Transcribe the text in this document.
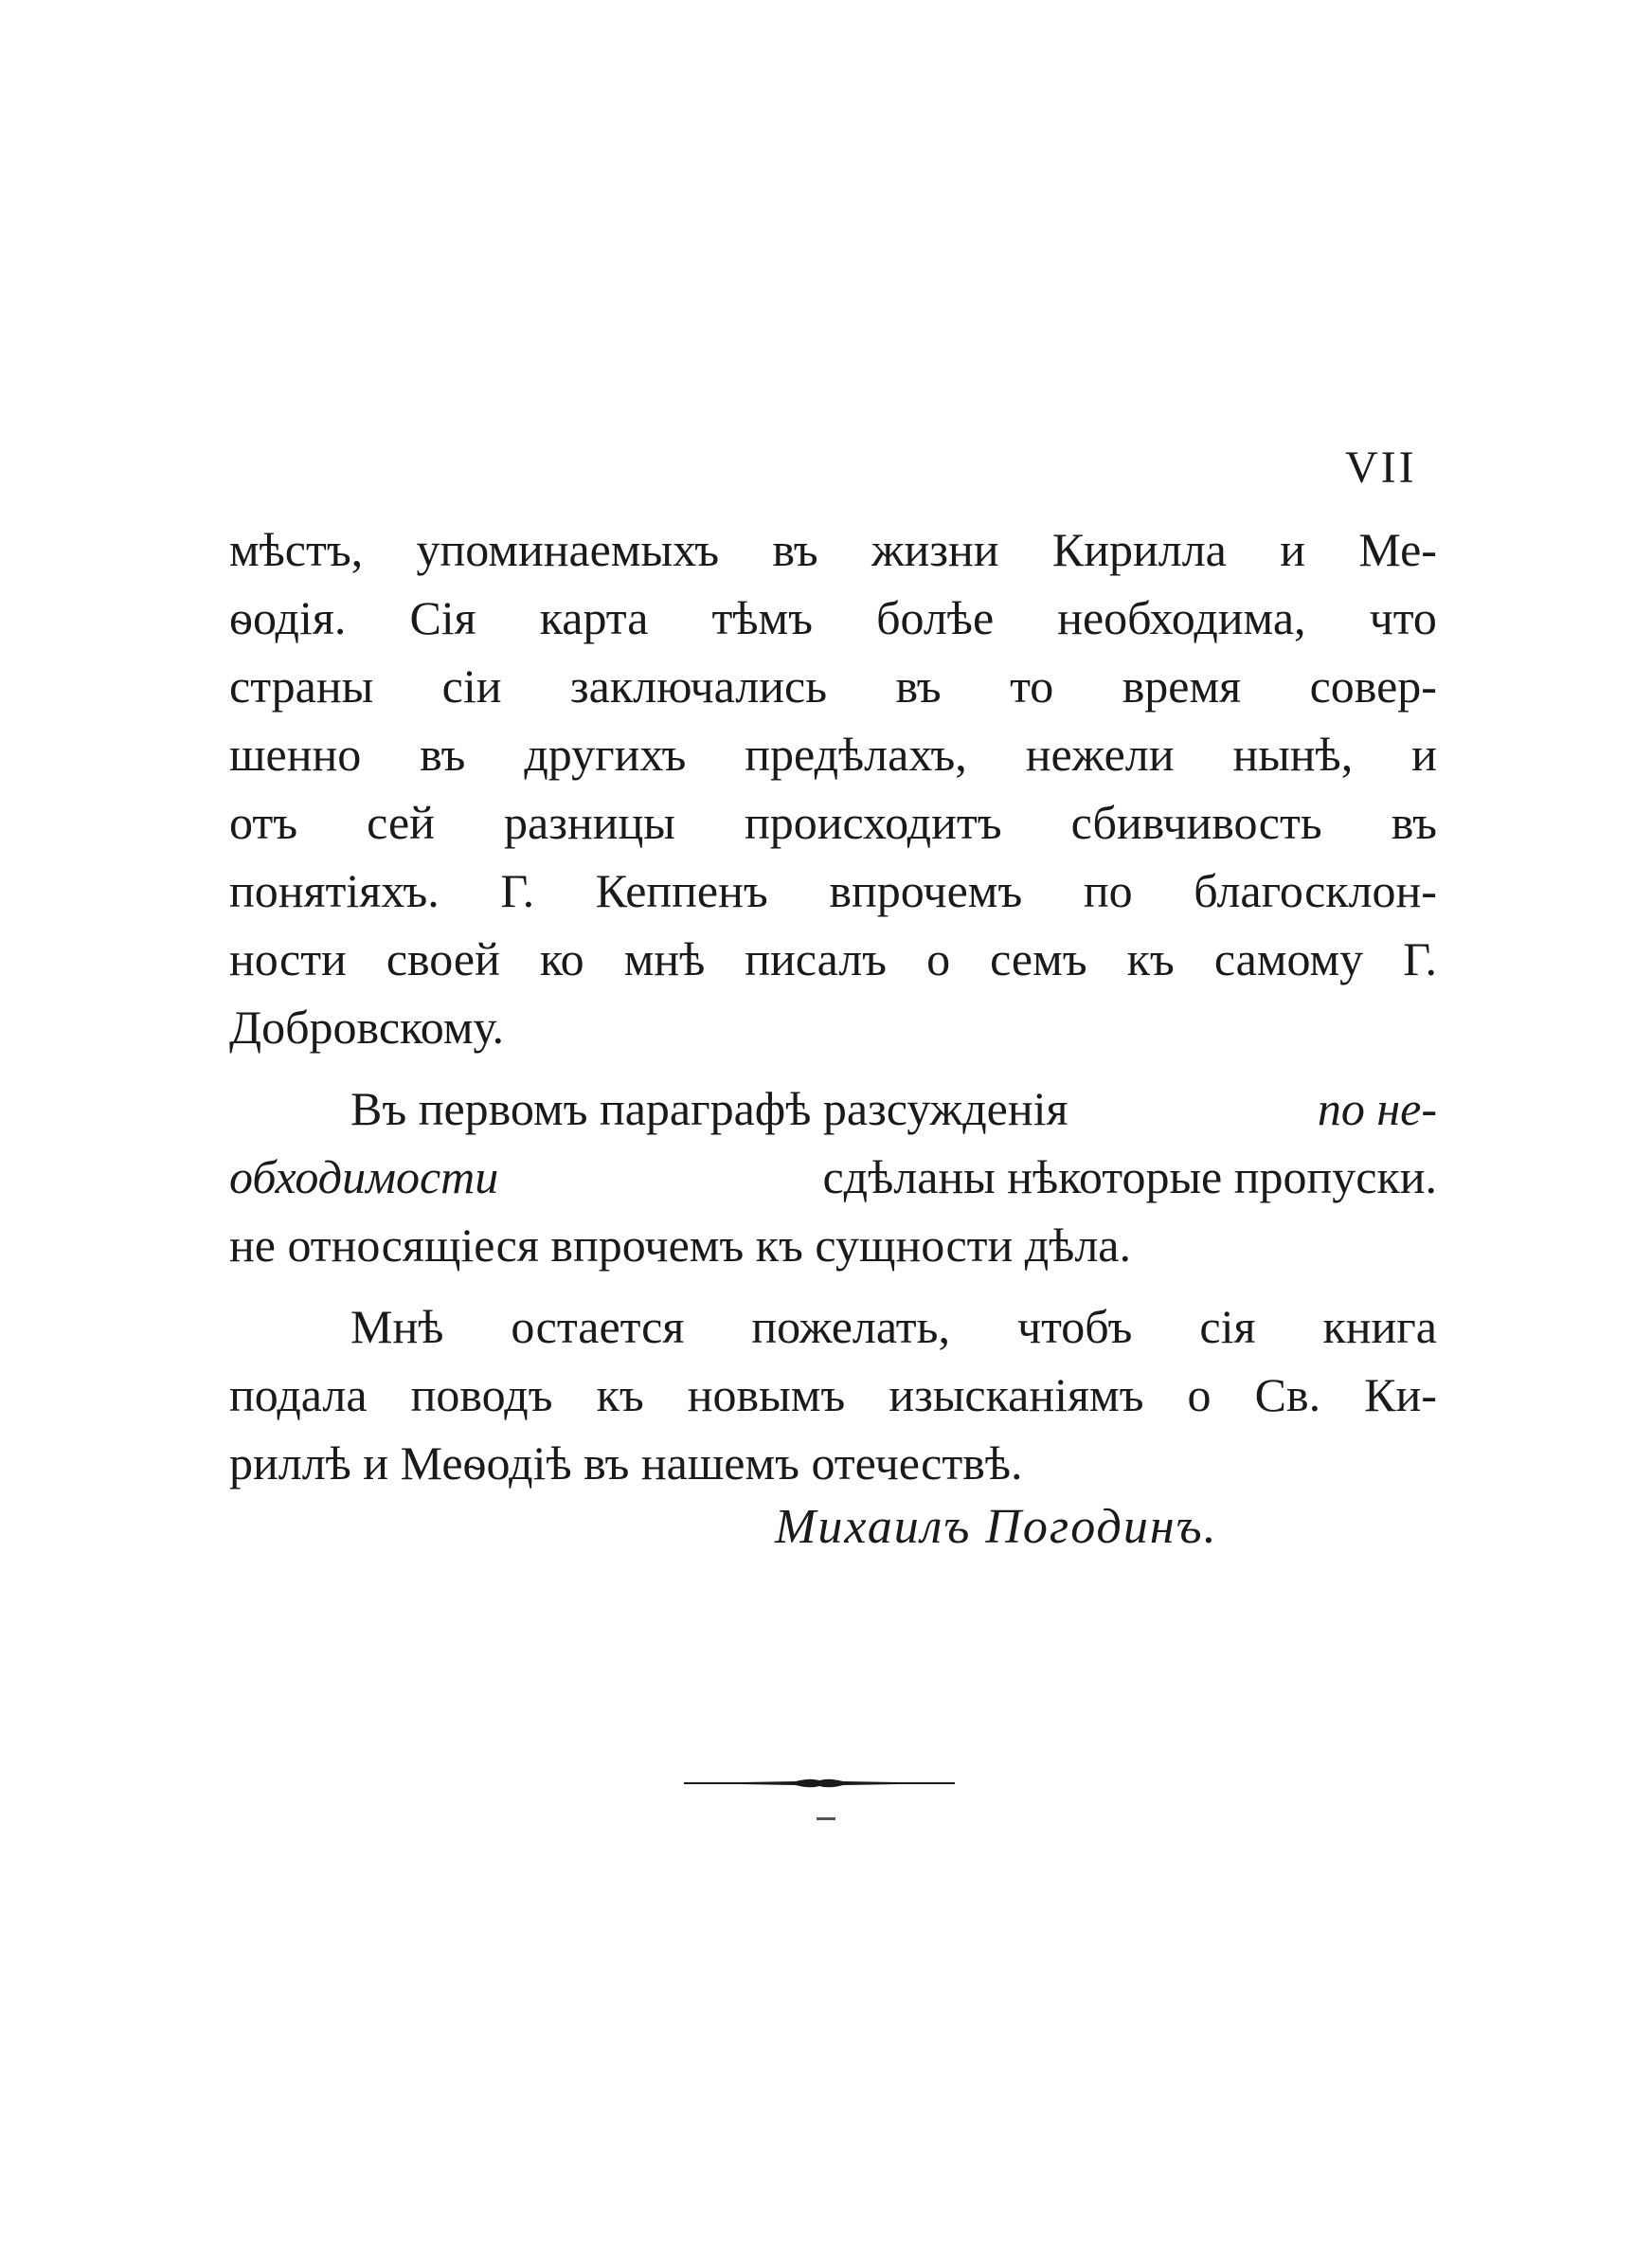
VII
мѣстъ, упоминаемыхъ въ жизни Кирилла и Ме-
ѳодія. Сія карта тѣмъ болѣе необходима, что
страны сіи заключались въ то время совер-
шенно въ другихъ предѣлахъ, нежели нынѣ, и
отъ сей разницы происходитъ сбивчивость въ
понятіяхъ. Г. Кеппенъ впрочемъ по благосклон-
ности своей ко мнѣ писалъ о семъ къ самому Г.
Добровскому.
Въ первомъ параграфѣ разсужденія	по не-
обходимости	сдѣланы нѣкоторые пропуски.
не относящіеся впрочемъ къ сущности дѣла.
Мнѣ остается пожелать, чтобъ сія книга
подала поводъ къ новымъ изысканіямъ о Св. Ки-
риллѣ и Меѳодіѣ въ нашемъ отечествѣ.
Михаилъ Погодинъ.
